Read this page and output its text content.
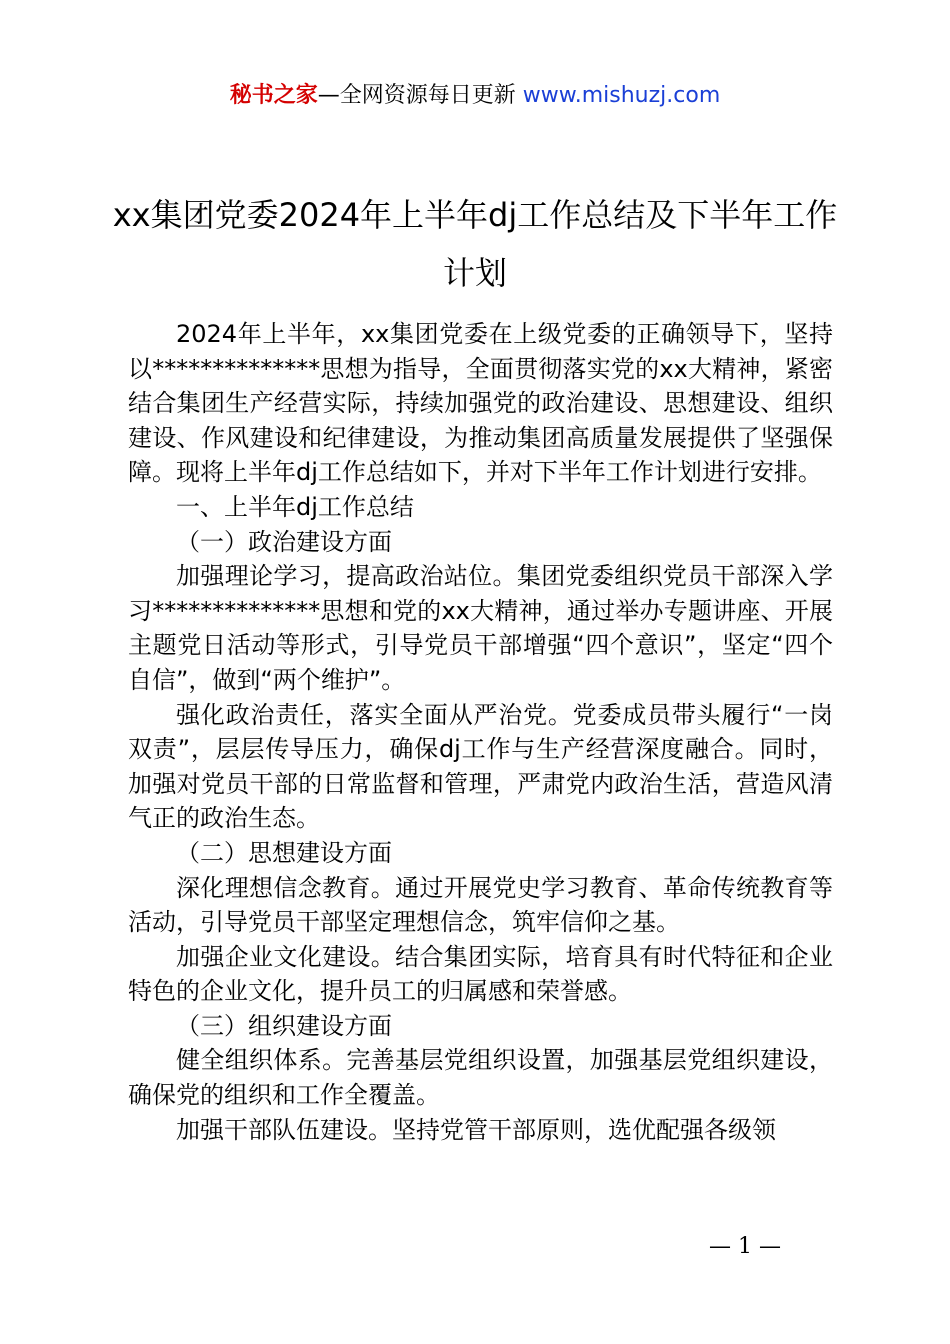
秘书之家—全网资源每日更新 www.mishuzj.com
xx集团党委2024年上半年dj工作总结及下半年工作计划

2024年上半年，xx集团党委在上级党委的正确领导下，坚持以**************思想为指导，全面贯彻落实党的xx大精神，紧密结合集团生产经营实际，持续加强党的政治建设、思想建设、组织建设、作风建设和纪律建设，为推动集团高质量发展提供了坚强保障。现将上半年dj工作总结如下，并对下半年工作计划进行安排。

一、上半年dj工作总结

（一）政治建设方面

加强理论学习，提高政治站位。集团党委组织党员干部深入学习**************思想和党的xx大精神，通过举办专题讲座、开展主题党日活动等形式，引导党员干部增强“四个意识”，坚定“四个自信”，做到“两个维护”。

强化政治责任，落实全面从严治党。党委成员带头履行“一岗双责”，层层传导压力，确保dj工作与生产经营深度融合。同时，加强对党员干部的日常监督和管理，严肃党内政治生活，营造风清气正的政治生态。

（二）思想建设方面

深化理想信念教育。通过开展党史学习教育、革命传统教育等活动，引导党员干部坚定理想信念，筑牢信仰之基。

加强企业文化建设。结合集团实际，培育具有时代特征和企业特色的企业文化，提升员工的归属感和荣誉感。

（三）组织建设方面

健全组织体系。完善基层党组织设置，加强基层党组织建设，确保党的组织和工作全覆盖。

加强干部队伍建设。坚持党管干部原则，选优配强各级领

— 1 —
